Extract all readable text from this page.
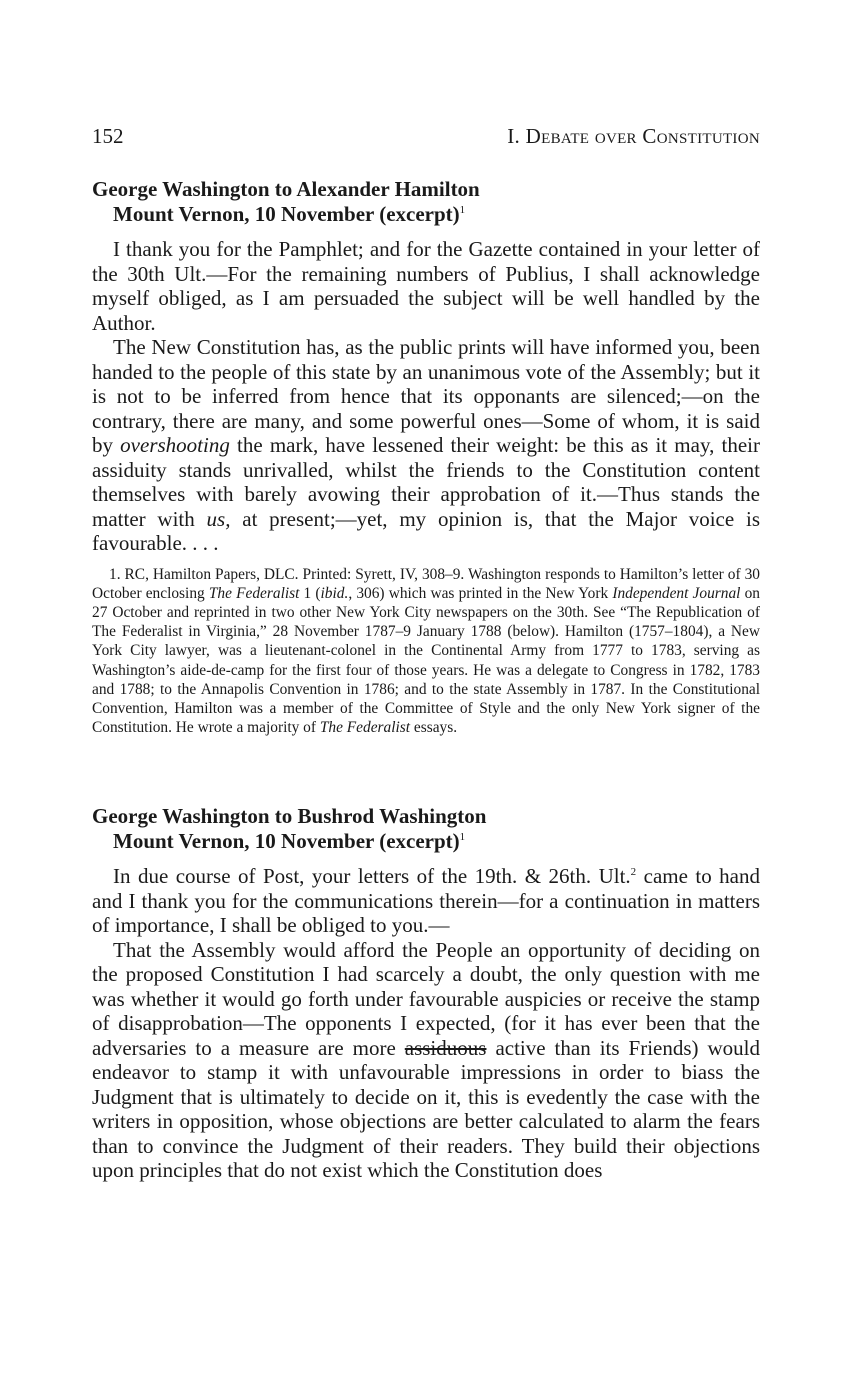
152	I. Debate over Constitution
George Washington to Alexander Hamilton
Mount Vernon, 10 November (excerpt)$^1$

I thank you for the Pamphlet; and for the Gazette contained in your letter of the 30th Ult.—For the remaining numbers of Publius, I shall acknowledge myself obliged, as I am persuaded the subject will be well handled by the Author.

The New Constitution has, as the public prints will have informed you, been handed to the people of this state by an unanimous vote of the Assembly; but it is not to be inferred from hence that its opponants are silenced;—on the contrary, there are many, and some powerful ones—Some of whom, it is said by overshooting the mark, have lessened their weight: be this as it may, their assiduity stands unrivalled, whilst the friends to the Constitution content themselves with barely avowing their approbation of it.—Thus stands the matter with us, at present;—yet, my opinion is, that the Major voice is favourable. . . .

1. RC, Hamilton Papers, DLC. Printed: Syrett, IV, 308–9. Washington responds to Hamilton’s letter of 30 October enclosing The Federalist 1 (ibid., 306) which was printed in the New York Independent Journal on 27 October and reprinted in two other New York City newspapers on the 30th. See “The Republication of The Federalist in Virginia,” 28 November 1787–9 January 1788 (below). Hamilton (1757–1804), a New York City lawyer, was a lieutenant-colonel in the Continental Army from 1777 to 1783, serving as Washington’s aide-de-camp for the first four of those years. He was a delegate to Congress in 1782, 1783 and 1788; to the Annapolis Convention in 1786; and to the state Assembly in 1787. In the Constitutional Convention, Hamilton was a member of the Committee of Style and the only New York signer of the Constitution. He wrote a majority of The Federalist essays.

George Washington to Bushrod Washington
Mount Vernon, 10 November (excerpt)$^1$

In due course of Post, your letters of the 19th. & 26th. Ult.$^2$ came to hand and I thank you for the communications therein—for a continuation in matters of importance, I shall be obliged to you.—

That the Assembly would afford the People an opportunity of deciding on the proposed Constitution I had scarcely a doubt, the only question with me was whether it would go forth under favourable auspicies or receive the stamp of disapprobation—The opponents I expected, (for it has ever been that the adversaries to a measure are more assiduous active than its Friends) would endeavor to stamp it with unfavourable impressions in order to biass the Judgment that is ultimately to decide on it, this is evedently the case with the writers in opposition, whose objections are better calculated to alarm the fears than to convince the Judgment of their readers. They build their objections upon principles that do not exist which the Constitution does
